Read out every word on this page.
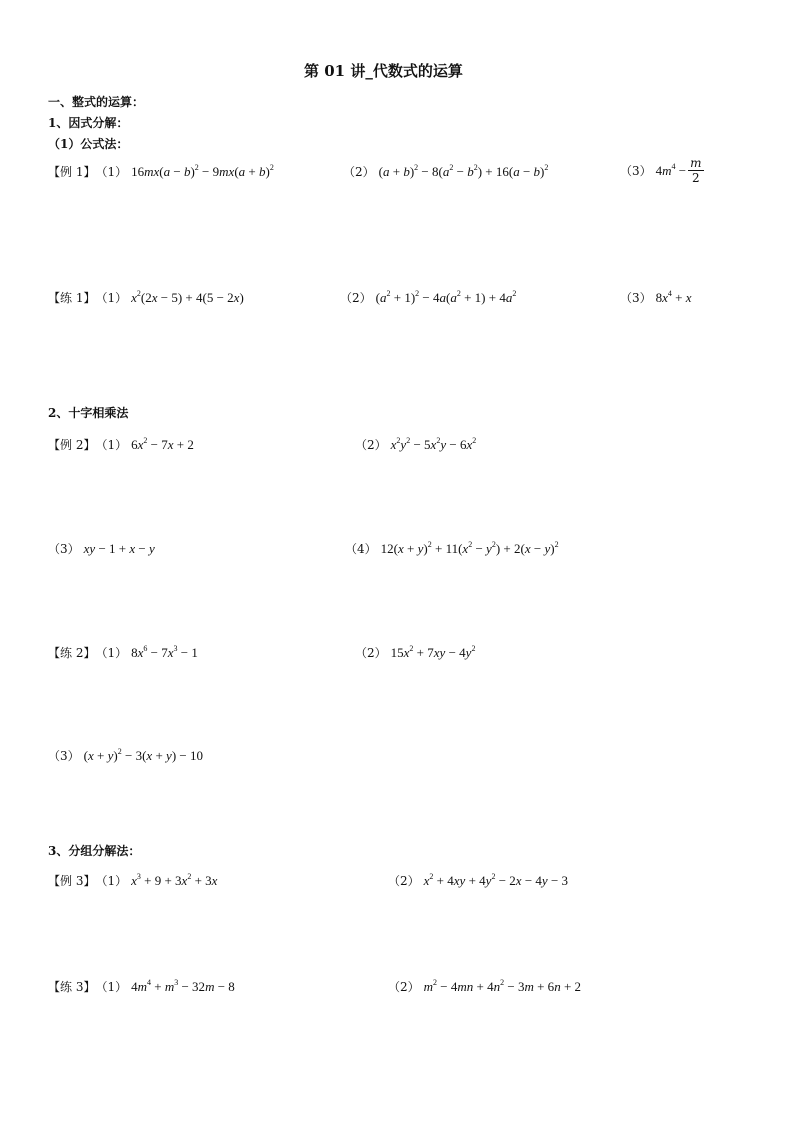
第 01 讲_代数式的运算
一、整式的运算：
1、因式分解：
（1）公式法：
【例 1】 （1） $16mx(a - b)^2 - 9mx(a + b)^2$	（2） $(a + b)^2 - 8(a^2 - b^2) + 16(a - b)^2$	（3） $4m^4 - \frac{m}{2}$
【练 1】 （1） $x^2(2x - 5) + 4(5 - 2x)$	（2） $(a^2 + 1)^2 - 4a(a^2 + 1) + 4a^2$	（3） $8x^4 + x$
2、十字相乘法
【例 2】 （1） $6x^2 - 7x + 2$	（2） $x^2y^2 - 5x^2y - 6x^2$
（3） xy − 1 + x − y	（4） $12(x + y)^2 + 11(x^2 - y^2) + 2(x - y)^2$
【练 2】 （1） $8x^6 - 7x^3 - 1$	（2） $15x^2 + 7xy - 4y^2$
（3） $(x + y)^2 - 3(x + y) - 10$
3、分组分解法：
【例 3】 （1） $x^3 + 9 + 3x^2 + 3x$	（2） $x^2 + 4xy + 4y^2 - 2x - 4y - 3$
【练 3】 （1） $4m^4 + m^3 - 32m - 8$	（2） $m^2 - 4mn + 4n^2 - 3m + 6n + 2$
